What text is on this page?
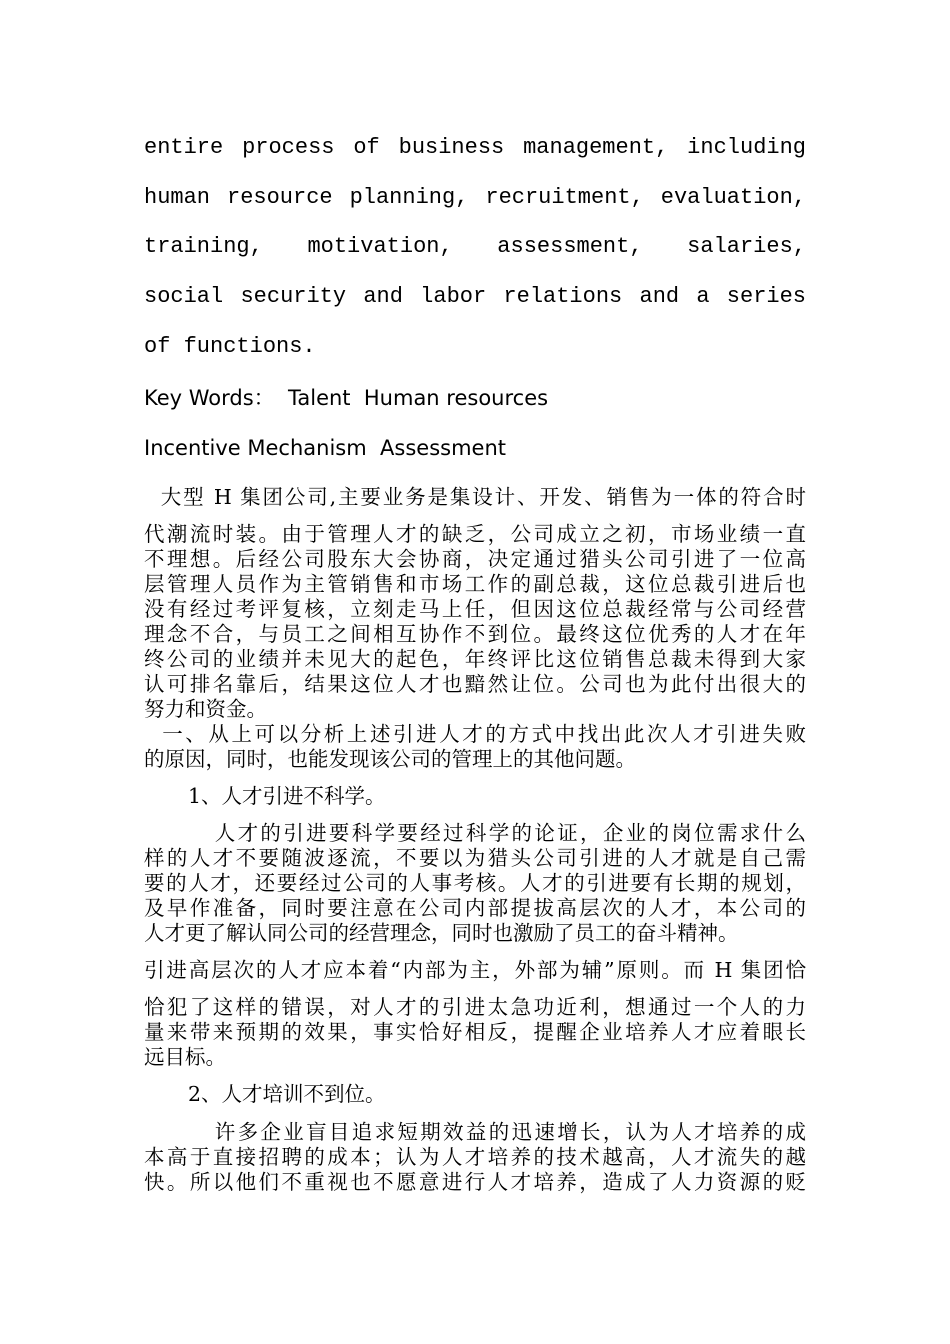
entire process of business management, including
human resource planning, recruitment, evaluation,
training, motivation, assessment, salaries,
social security and labor relations and a series
of functions.
Key Words：  Talent  Human resources
Incentive Mechanism  Assessment
大型 H 集团公司,主要业务是集设计、开发、销售为一体的符合时
代潮流时装。由于管理人才的缺乏，公司成立之初，市场业绩一直
不理想。后经公司股东大会协商，决定通过猎头公司引进了一位高
层管理人员作为主管销售和市场工作的副总裁，这位总裁引进后也
没有经过考评复核，立刻走马上任，但因这位总裁经常与公司经营
理念不合，与员工之间相互协作不到位。最终这位优秀的人才在年
终公司的业绩并未见大的起色，年终评比这位销售总裁未得到大家
认可排名靠后，结果这位人才也黯然让位。公司也为此付出很大的
努力和资金。
一、从上可以分析上述引进人才的方式中找出此次人才引进失败
的原因，同时，也能发现该公司的管理上的其他问题。
1、人才引进不科学。
人才的引进要科学要经过科学的论证，企业的岗位需求什么
样的人才不要随波逐流，不要以为猎头公司引进的人才就是自己需
要的人才，还要经过公司的人事考核。人才的引进要有长期的规划，
及早作准备，同时要注意在公司内部提拔高层次的人才，本公司的
人才更了解认同公司的经营理念，同时也激励了员工的奋斗精神。
引进高层次的人才应本着“内部为主，外部为辅”原则。而 H 集团恰
恰犯了这样的错误，对人才的引进太急功近利，想通过一个人的力
量来带来预期的效果，事实恰好相反，提醒企业培养人才应着眼长
远目标。
2、人才培训不到位。
许多企业盲目追求短期效益的迅速增长，认为人才培养的成
本高于直接招聘的成本；认为人才培养的技术越高，人才流失的越
快。所以他们不重视也不愿意进行人才培养，造成了人力资源的贬
